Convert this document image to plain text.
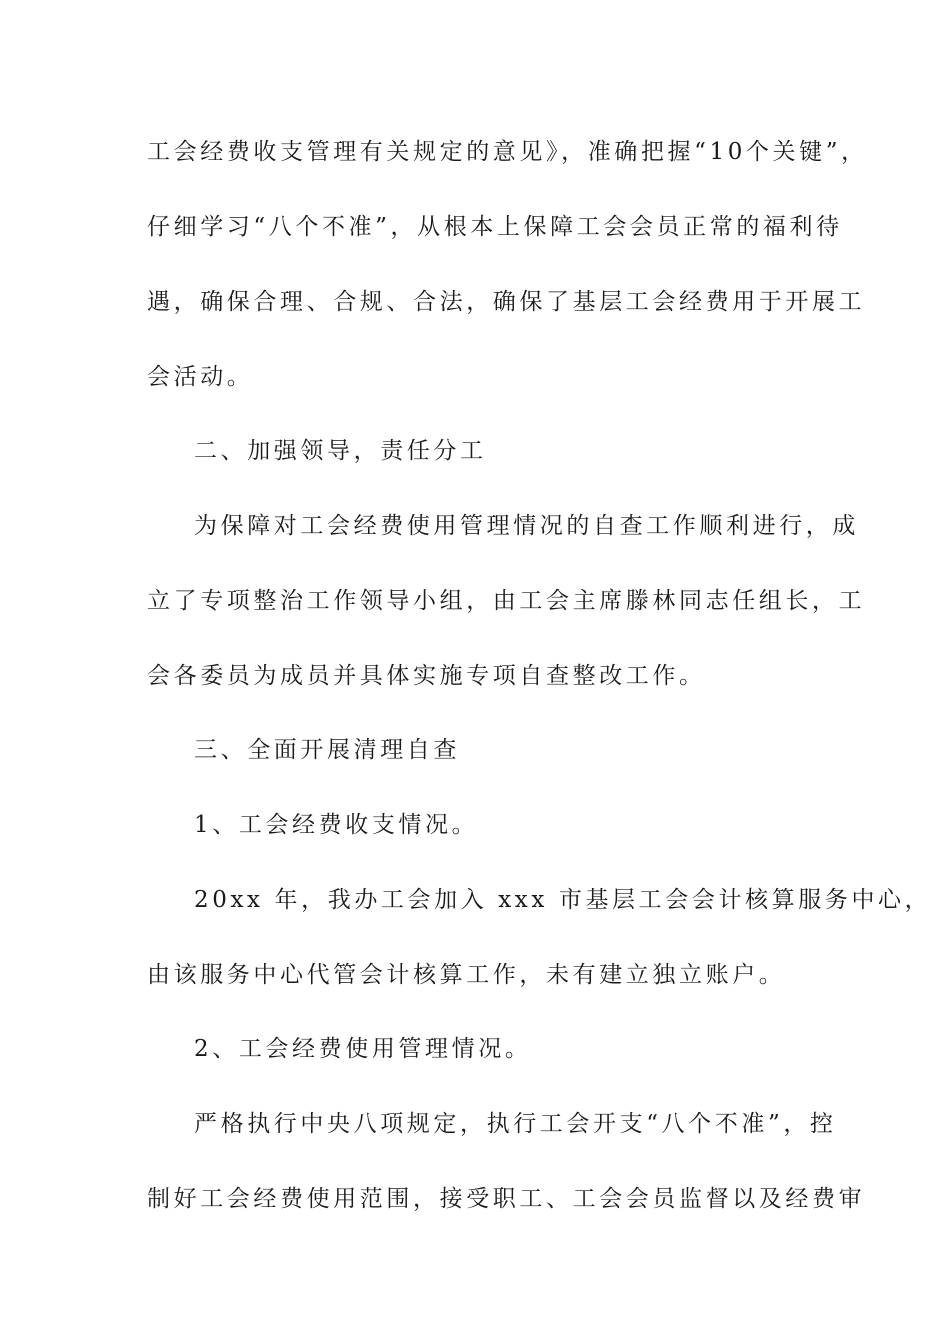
工会经费收支管理有关规定的意见》，准确把握“10个关键”，
仔细学习“八个不准”，从根本上保障工会会员正常的福利待
遇，确保合理、合规、合法，确保了基层工会经费用于开展工
会活动。
二、加强领导，责任分工
为保障对工会经费使用管理情况的自查工作顺利进行，成
立了专项整治工作领导小组，由工会主席滕林同志任组长，工
会各委员为成员并具体实施专项自查整改工作。
三、全面开展清理自查
1、工会经费收支情况。
20xx 年，我办工会加入 xxx 市基层工会会计核算服务中心，
由该服务中心代管会计核算工作，未有建立独立账户。
2、工会经费使用管理情况。
严格执行中央八项规定，执行工会开支“八个不准”，控
制好工会经费使用范围，接受职工、工会会员监督以及经费审
